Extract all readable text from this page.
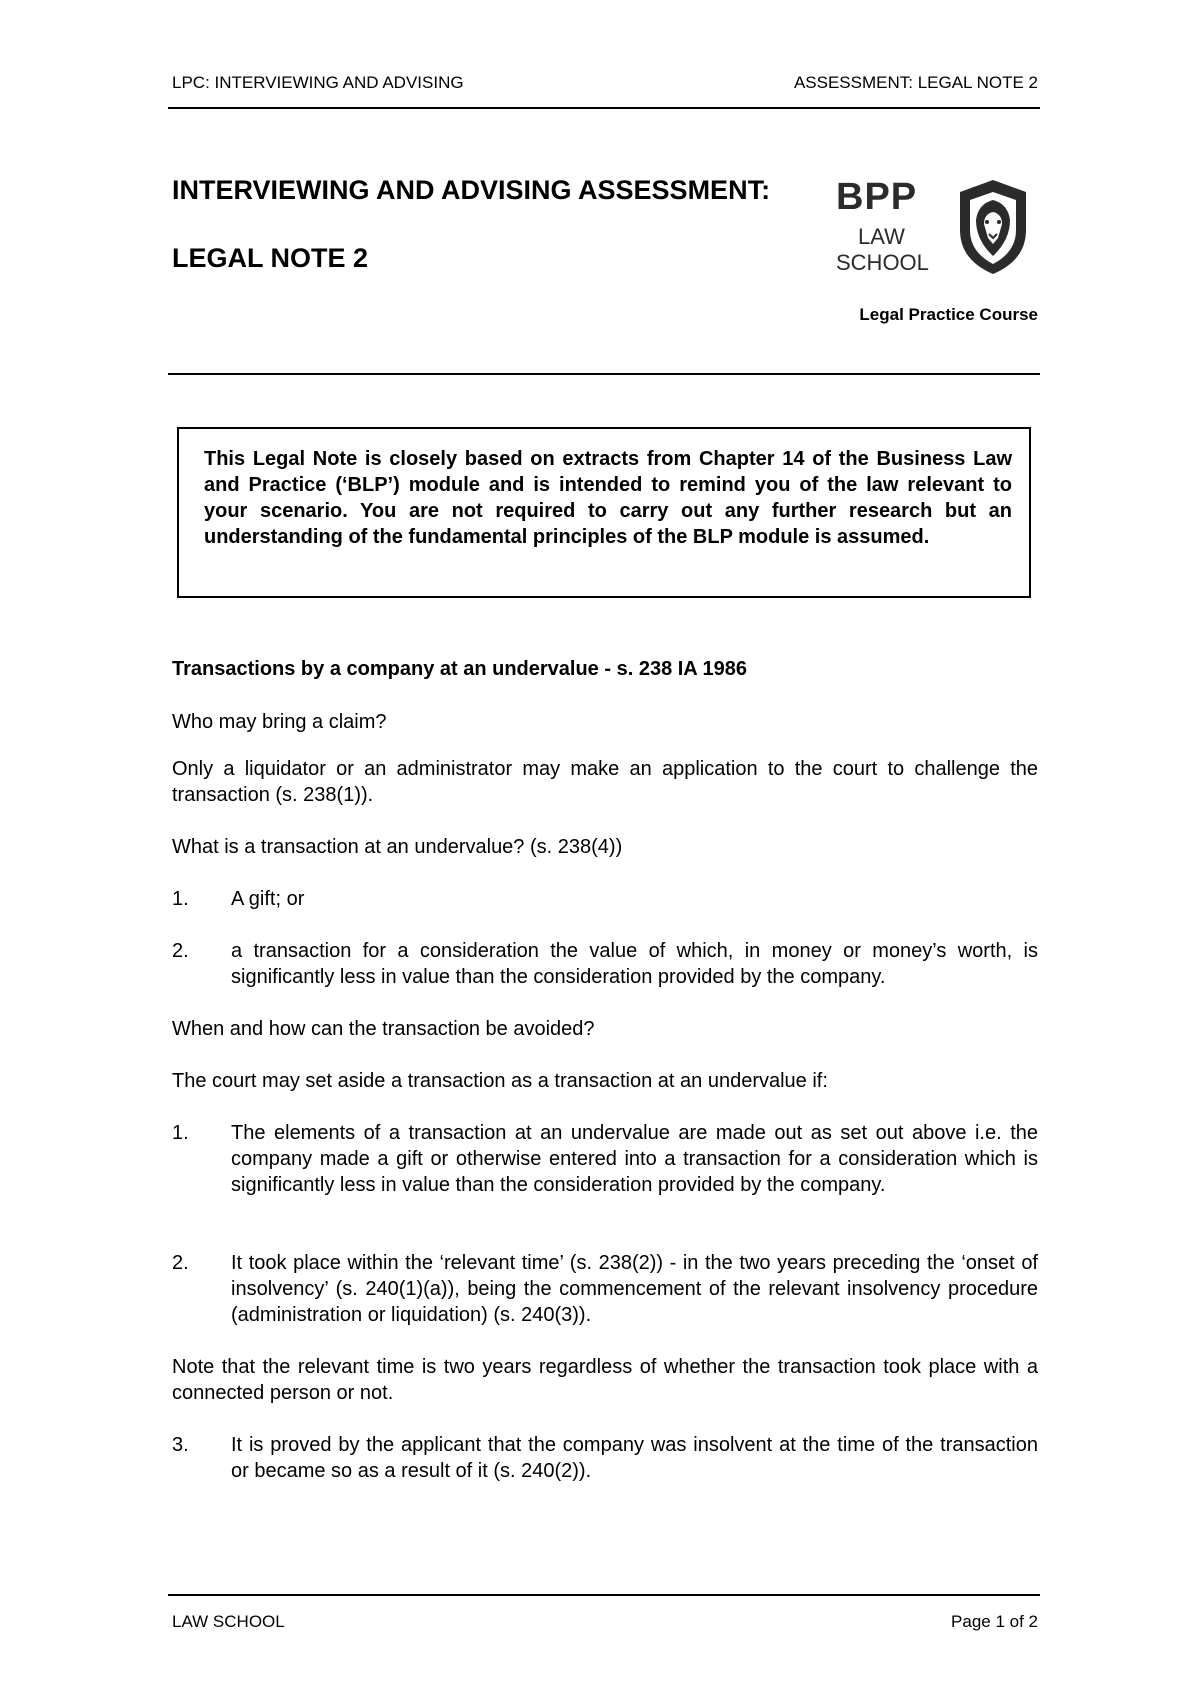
LPC: INTERVIEWING AND ADVISING	ASSESSMENT: LEGAL NOTE 2
INTERVIEWING AND ADVISING ASSESSMENT:
LEGAL NOTE 2
BPP
LAW
SCHOOL
Legal Practice Course
This Legal Note is closely based on extracts from Chapter 14 of the Business Law and Practice (‘BLP’) module and is intended to remind you of the law relevant to your scenario. You are not required to carry out any further research but an understanding of the fundamental principles of the BLP module is assumed.
Transactions by a company at an undervalue - s. 238 IA 1986
Who may bring a claim?
Only a liquidator or an administrator may make an application to the court to challenge the transaction (s. 238(1)).
What is a transaction at an undervalue? (s. 238(4))
1. A gift; or
2. a transaction for a consideration the value of which, in money or money’s worth, is significantly less in value than the consideration provided by the company.
When and how can the transaction be avoided?
The court may set aside a transaction as a transaction at an undervalue if:
1. The elements of a transaction at an undervalue are made out as set out above i.e. the company made a gift or otherwise entered into a transaction for a consideration which is significantly less in value than the consideration provided by the company.
2. It took place within the ‘relevant time’ (s. 238(2)) - in the two years preceding the ‘onset of insolvency’ (s. 240(1)(a)), being the commencement of the relevant insolvency procedure (administration or liquidation) (s. 240(3)).
Note that the relevant time is two years regardless of whether the transaction took place with a connected person or not.
3. It is proved by the applicant that the company was insolvent at the time of the transaction or became so as a result of it (s. 240(2)).
LAW SCHOOL	Page 1 of 2
